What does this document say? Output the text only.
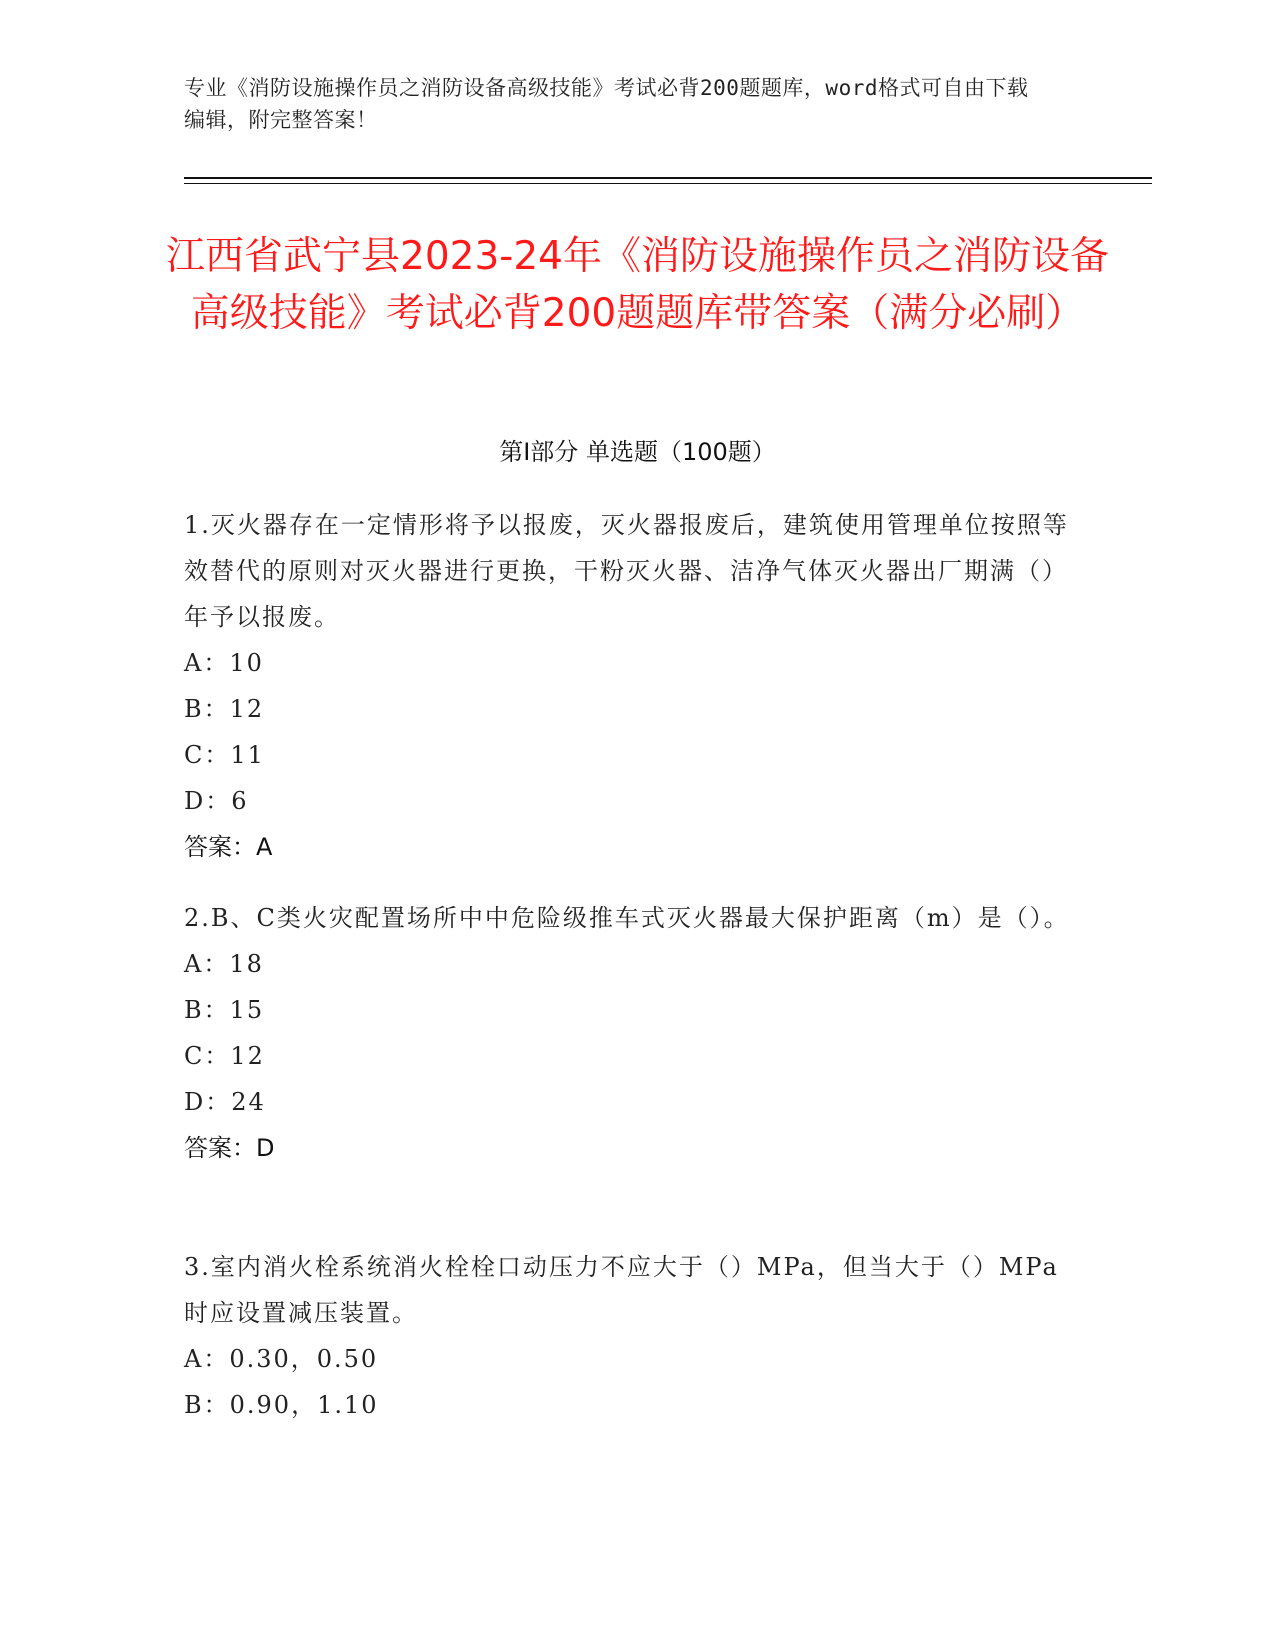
专业《消防设施操作员之消防设备高级技能》考试必背200题题库，word格式可自由下载编辑，附完整答案！
江西省武宁县2023-24年《消防设施操作员之消防设备高级技能》考试必背200题题库带答案（满分必刷）
第Ⅰ部分 单选题（100题）

1.灭火器存在一定情形将予以报废，灭火器报废后，建筑使用管理单位按照等效替代的原则对灭火器进行更换，干粉灭火器、洁净气体灭火器出厂期满（）年予以报废。

A：10

B：12

C：11

D：6

答案：A

2.B、C类火灾配置场所中中危险级推车式灭火器最大保护距离（m）是（）。

A：18

B：15

C：12

D：24

答案：D

3.室内消火栓系统消火栓栓口动压力不应大于（）MPa，但当大于（）MPa时应设置减压装置。

A：0.30，0.50

B：0.90，1.10
